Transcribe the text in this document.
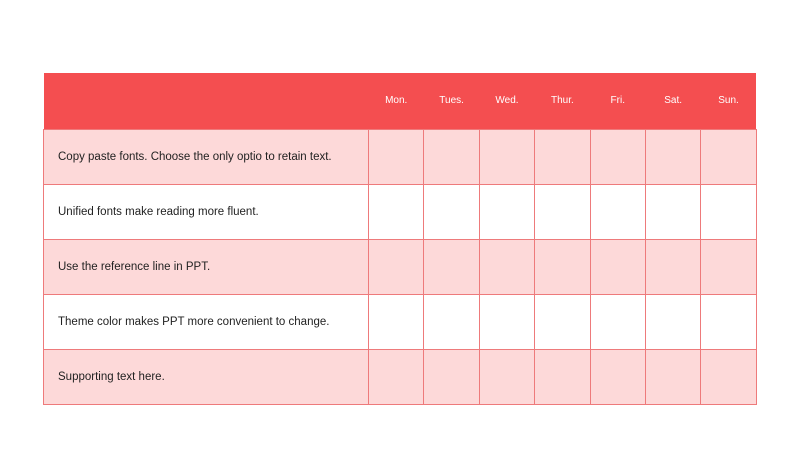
	Mon.	Tues.	Wed.	Thur.	Fri.	Sat.	Sun.
Copy paste fonts. Choose the only optio to retain text.							
Unified fonts make reading more fluent.							
Use the reference line in PPT.							
Theme color makes PPT more convenient to change.							
Supporting text here.							
